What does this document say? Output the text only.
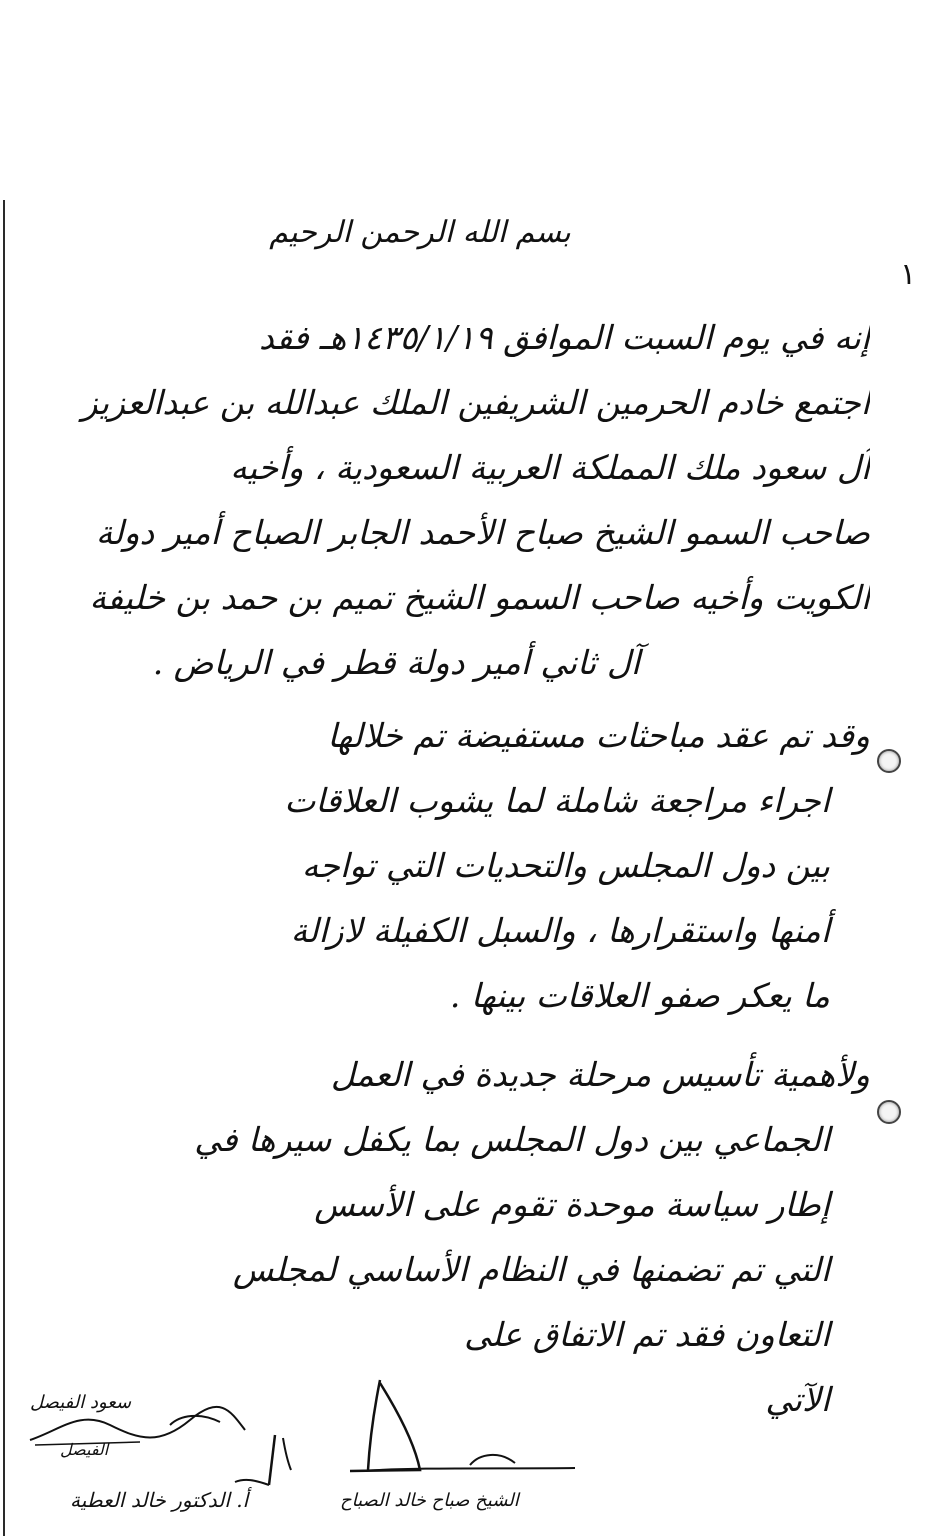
١
بسم الله الرحمن الرحيم
إنه في يوم السبت الموافق ١٤٣٥/١/١٩هـ فقد
اجتمع خادم الحرمين الشريفين الملك عبدالله بن عبدالعزيز
آل سعود ملك المملكة العربية السعودية ، وأخيه
صاحب السمو الشيخ صباح الأحمد الجابر الصباح أمير دولة
الكويت وأخيه صاحب السمو الشيخ تميم بن حمد بن خليفة
آل ثاني أمير دولة قطر في الرياض .
وقد تم عقد مباحثات مستفيضة تم خلالها
اجراء مراجعة شاملة لما يشوب العلاقات
بين دول المجلس والتحديات التي تواجه
أمنها واستقرارها ، والسبل الكفيلة لازالة
ما يعكر صفو العلاقات بينها .
ولأهمية تأسيس مرحلة جديدة في العمل
الجماعي بين دول المجلس بما يكفل سيرها في
إطار سياسة موحدة تقوم على الأسس
التي تم تضمنها في النظام الأساسي لمجلس
التعاون فقد تم الاتفاق على
الآتي
سعود الفيصل
الفيصل
أ. الدكتور خالد العطية	الشيخ صباح خالد الصباح
